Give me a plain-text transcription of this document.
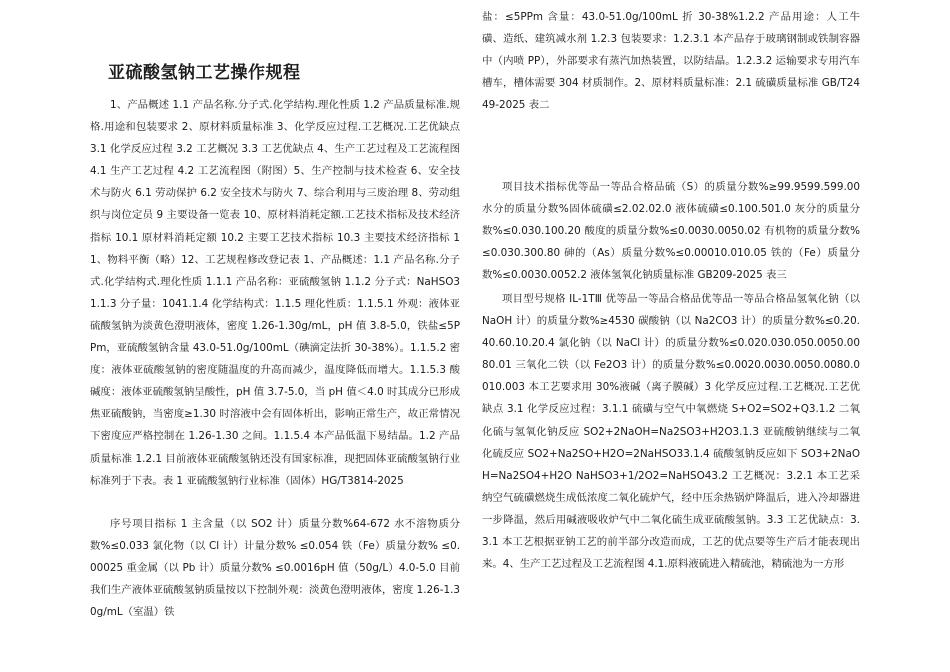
亚硫酸氢钠工艺操作规程

1、产品概述 1.1 产品名称.分子式.化学结构.理化性质 1.2 产品质量标准.规格.用途和包装要求 2、原材料质量标准 3、化学反应过程.工艺概况.工艺优缺点 3.1 化学反应过程 3.2 工艺概况 3.3 工艺优缺点 4、生产工艺过程及工艺流程图 4.1 生产工艺过程 4.2 工艺流程图（附图）5、生产控制与技术检查 6、安全技术与防火 6.1 劳动保护 6.2 安全技术与防火 7、综合利用与三废治理 8、劳动组织与岗位定员 9 主要设备一览表 10、原材料消耗定额.工艺技术指标及技术经济指标 10.1 原材料消耗定额 10.2 主要工艺技术指标 10.3 主要技术经济指标 11、物料平衡（略）12、工艺规程修改登记表 1、产品概述：1.1 产品名称.分子式.化学结构式.理化性质 1.1.1 产品名称：亚硫酸氢钠 1.1.2 分子式：NaHSO31.1.3 分子量：1041.1.4 化学结构式：1.1.5 理化性质：1.1.5.1 外观：液体亚硫酸氢钠为淡黄色澄明液体，密度 1.26-1.30g/mL，pH 值 3.8-5.0，铁盐≤5PPm，亚硫酸氢钠含量 43.0-51.0g/100mL（碘滴定法折 30-38%）。1.1.5.2 密度：液体亚硫酸氢钠的密度随温度的升高而减少，温度降低而增大。1.1.5.3 酸碱度：液体亚硫酸氢钠呈酸性，pH 值 3.7-5.0，当 pH 值＜4.0 时其成分已形成焦亚硫酸钠，当密度≥1.30 时溶液中会有固体析出，影响正常生产，故正常情况下密度应严格控制在 1.26-1.30 之间。1.1.5.4 本产品低温下易结晶。1.2 产品质量标准 1.2.1 目前液体亚硫酸氢钠还没有国家标准，现把固体亚硫酸氢钠行业标准列于下表。表 1 亚硫酸氢钠行业标准（固体）HG/T3814-2025

序号项目指标 1 主含量（以 SO2 计）质量分数%64-672 水不溶物质分数%≤0.033 氯化物（以 Cl 计）计量分数% ≤0.054 铁（Fe）质量分数% ≤0.00025 重金属（以 Pb 计）质量分数% ≤0.0016pH 值（50g/L）4.0-5.0 目前我们生产液体亚硫酸氢钠质量按以下控制外观：淡黄色澄明液体，密度 1.26-1.30g/mL（室温）铁

盐：≤5PPm 含量：43.0-51.0g/100mL 折 30-38%1.2.2 产品用途：人工牛磺、造纸、建筑减水剂 1.2.3 包装要求：1.2.3.1 本产品存于玻璃钢制或铁制容器中（内喷 PP），外部要求有蒸汽加热装置，以防结晶。1.2.3.2 运输要求专用汽车槽车，槽体需要 304 材质制作。2、原材料质量标准：2.1 硫磺质量标准 GB/T2449-2025 表二

项目技术指标优等品一等品合格品硫（S）的质量分数%≥99.9599.599.00 水分的质量分数%固体硫磺≤2.02.02.0 液体硫磺≤0.100.501.0 灰分的质量分数%≤0.030.100.20 酸度的质量分数%≤0.0030.0050.02 有机物的质量分数%≤0.030.300.80 砷的（As）质量分数%≤0.00010.010.05 铁的（Fe）质量分数%≤0.0030.0052.2 液体氢氧化钠质量标准 GB209-2025 表三

项目型号规格 IL-1TⅢ 优等品一等品合格品优等品一等品合格品氢氧化钠（以 NaOH 计）的质量分数%≥4530 碳酸钠（以 Na2CO3 计）的质量分数%≤0.20.40.60.10.20.4 氯化钠（以 NaCl 计）的质量分数%≤0.020.030.050.0050.0080.01 三氧化二铁（以 Fe2O3 计）的质量分数%≤0.0020.0030.0050.0080.0010.003 本工艺要求用 30%液碱（离子膜碱）3 化学反应过程.工艺概况.工艺优缺点 3.1 化学反应过程：3.1.1 硫磺与空气中氧燃烧 S+O2=SO2+Q3.1.2 二氧化硫与氢氧化钠反应 SO2+2NaOH=Na2SO3+H2O3.1.3 亚硫酸钠继续与二氧化硫反应 SO2+Na2SO+H2O=2NaHSO33.1.4 硫酸氢钠反应如下 SO3+2NaOH=Na2SO4+H2O NaHSO3+1/2O2=NaHSO43.2 工艺概况：3.2.1 本工艺采纳空气硫磺燃烧生成低浓度二氧化硫炉气，经中压余热锅炉降温后，进入冷却器进一步降温，然后用碱液吸收炉气中二氧化硫生成亚硫酸氢钠。3.3 工艺优缺点：3.3.1 本工艺根据亚钠工艺的前半部分改造而成，工艺的优点要等生产后才能表现出来。4、生产工艺过程及工艺流程图 4.1.原料液硫进入精硫池，精硫池为一方形
